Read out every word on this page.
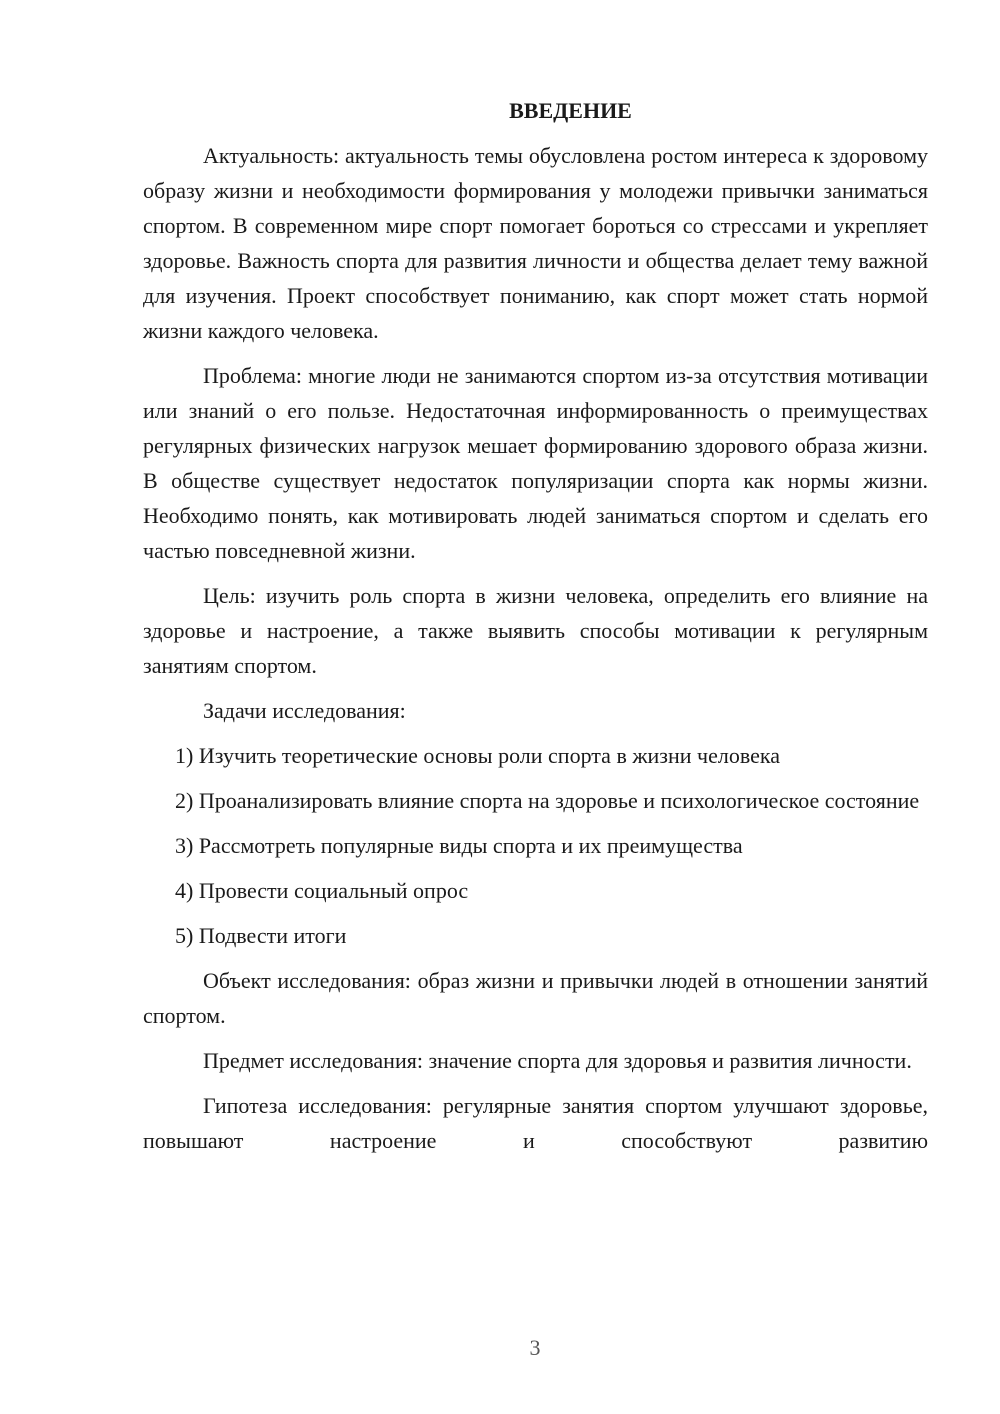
ВВЕДЕНИЕ

Актуальность: актуальность темы обусловлена ростом интереса к здоровому образу жизни и необходимости формирования у молодежи привычки заниматься спортом. В современном мире спорт помогает бороться со стрессами и укрепляет здоровье. Важность спорта для развития личности и общества делает тему важной для изучения. Проект способствует пониманию, как спорт может стать нормой жизни каждого человека.

Проблема: многие люди не занимаются спортом из-за отсутствия мотивации или знаний о его пользе. Недостаточная информированность о преимуществах регулярных физических нагрузок мешает формированию здорового образа жизни. В обществе существует недостаток популяризации спорта как нормы жизни. Необходимо понять, как мотивировать людей заниматься спортом и сделать его частью повседневной жизни.

Цель: изучить роль спорта в жизни человека, определить его влияние на здоровье и настроение, а также выявить способы мотивации к регулярным занятиям спортом.

Задачи исследования:

1) Изучить теоретические основы роли спорта в жизни человека

2) Проанализировать влияние спорта на здоровье и психологическое состояние

3) Рассмотреть популярные виды спорта и их преимущества

4) Провести социальный опрос

5) Подвести итоги

Объект исследования: образ жизни и привычки людей в отношении занятий спортом.

Предмет исследования: значение спорта для здоровья и развития личности.

Гипотеза исследования: регулярные занятия спортом улучшают здоровье, повышают настроение и способствуют развитию

3
